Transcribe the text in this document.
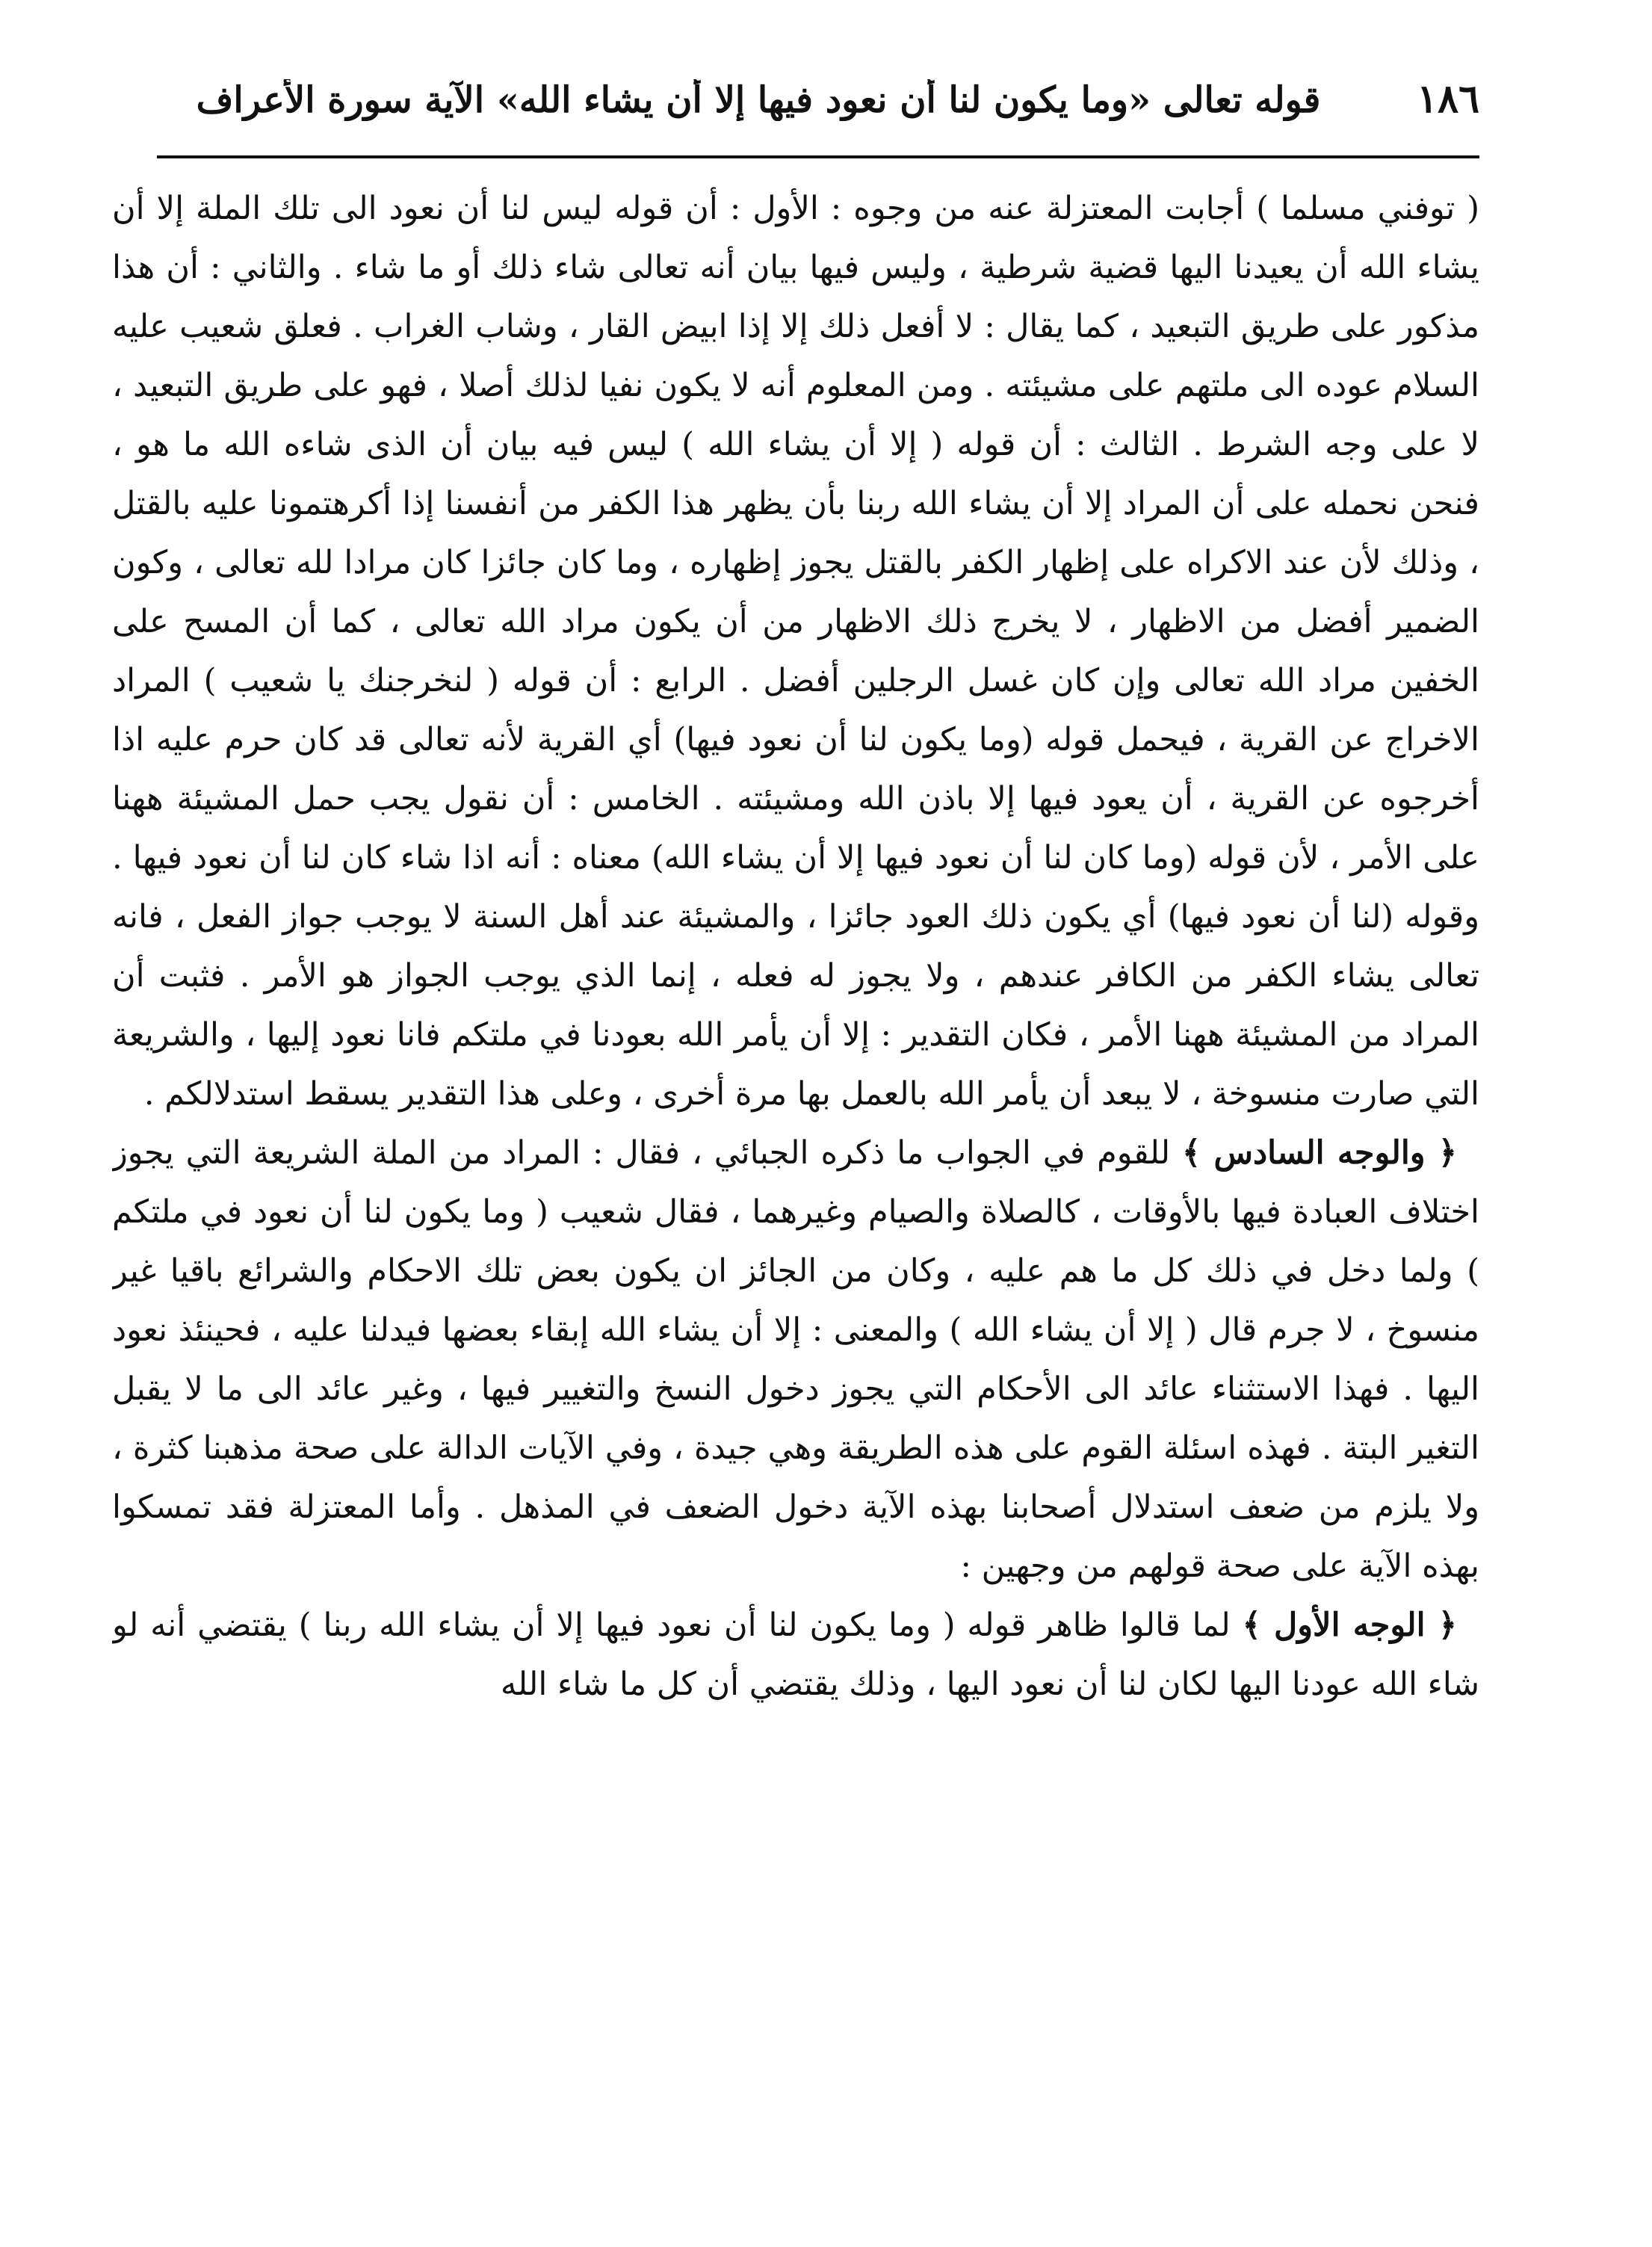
١٨٦
قوله تعالى «وما يكون لنا أن نعود فيها إلا أن يشاء الله» الآية سورة الأعراف

( توفني مسلما ) أجابت المعتزلة عنه من وجوه : الأول : أن قوله ليس لنا أن نعود الى تلك الملة إلا أن يشاء الله أن يعيدنا اليها قضية شرطية ، وليس فيها بيان أنه تعالى شاء ذلك أو ما شاء . والثاني : أن هذا مذكور على طريق التبعيد ، كما يقال : لا أفعل ذلك إلا إذا ابيض القار ، وشاب الغراب . فعلق شعيب عليه السلام عوده الى ملتهم على مشيئته . ومن المعلوم أنه لا يكون نفيا لذلك أصلا ، فهو على طريق التبعيد ، لا على وجه الشرط . الثالث : أن قوله ( إلا أن يشاء الله ) ليس فيه بيان أن الذى شاءه الله ما هو ، فنحن نحمله على أن المراد إلا أن يشاء الله ربنا بأن يظهر هذا الكفر من أنفسنا إذا أكرهتمونا عليه بالقتل ، وذلك لأن عند الاكراه على إظهار الكفر بالقتل يجوز إظهاره ، وما كان جائزا كان مرادا لله تعالى ، وكون الضمير أفضل من الاظهار ، لا يخرج ذلك الاظهار من أن يكون مراد الله تعالى ، كما أن المسح على الخفين مراد الله تعالى وإن كان غسل الرجلين أفضل . الرابع : أن قوله ( لنخرجنك يا شعيب ) المراد الاخراج عن القرية ، فيحمل قوله (وما يكون لنا أن نعود فيها) أي القرية لأنه تعالى قد كان حرم عليه اذا أخرجوه عن القرية ، أن يعود فيها إلا باذن الله ومشيئته . الخامس : أن نقول يجب حمل المشيئة ههنا على الأمر ، لأن قوله (وما كان لنا أن نعود فيها إلا أن يشاء الله) معناه : أنه اذا شاء كان لنا أن نعود فيها . وقوله (لنا أن نعود فيها) أي يكون ذلك العود جائزا ، والمشيئة عند أهل السنة لا يوجب جواز الفعل ، فانه تعالى يشاء الكفر من الكافر عندهم ، ولا يجوز له فعله ، إنما الذي يوجب الجواز هو الأمر . فثبت أن المراد من المشيئة ههنا الأمر ، فكان التقدير : إلا أن يأمر الله بعودنا في ملتكم فانا نعود إليها ، والشريعة التي صارت منسوخة ، لا يبعد أن يأمر الله بالعمل بها مرة أخرى ، وعلى هذا التقدير يسقط استدلالكم .

﴿ والوجه السادس ﴾ للقوم في الجواب ما ذكره الجبائي ، فقال : المراد من الملة الشريعة التي يجوز اختلاف العبادة فيها بالأوقات ، كالصلاة والصيام وغيرهما ، فقال شعيب ( وما يكون لنا أن نعود في ملتكم ) ولما دخل في ذلك كل ما هم عليه ، وكان من الجائز ان يكون بعض تلك الاحكام والشرائع باقيا غير منسوخ ، لا جرم قال ( إلا أن يشاء الله ) والمعنى : إلا أن يشاء الله إبقاء بعضها فيدلنا عليه ، فحينئذ نعود اليها . فهذا الاستثناء عائد الى الأحكام التي يجوز دخول النسخ والتغيير فيها ، وغير عائد الى ما لا يقبل التغير البتة . فهذه اسئلة القوم على هذه الطريقة وهي جيدة ، وفي الآيات الدالة على صحة مذهبنا كثرة ، ولا يلزم من ضعف استدلال أصحابنا بهذه الآية دخول الضعف في المذهل . وأما المعتزلة فقد تمسكوا بهذه الآية على صحة قولهم من وجهين :

﴿ الوجه الأول ﴾ لما قالوا ظاهر قوله ( وما يكون لنا أن نعود فيها إلا أن يشاء الله ربنا ) يقتضي أنه لو شاء الله عودنا اليها لكان لنا أن نعود اليها ، وذلك يقتضي أن كل ما شاء الله
